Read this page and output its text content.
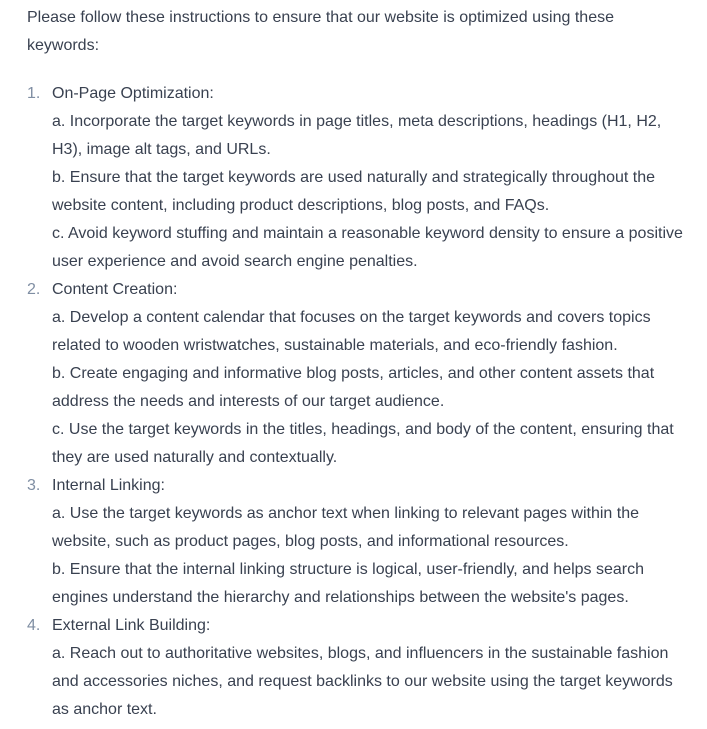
Please follow these instructions to ensure that our website is optimized using these keywords:

1. On-Page Optimization:
a. Incorporate the target keywords in page titles, meta descriptions, headings (H1, H2, H3), image alt tags, and URLs.
b. Ensure that the target keywords are used naturally and strategically throughout the website content, including product descriptions, blog posts, and FAQs.
c. Avoid keyword stuffing and maintain a reasonable keyword density to ensure a positive user experience and avoid search engine penalties.
2. Content Creation:
a. Develop a content calendar that focuses on the target keywords and covers topics related to wooden wristwatches, sustainable materials, and eco-friendly fashion.
b. Create engaging and informative blog posts, articles, and other content assets that address the needs and interests of our target audience.
c. Use the target keywords in the titles, headings, and body of the content, ensuring that they are used naturally and contextually.
3. Internal Linking:
a. Use the target keywords as anchor text when linking to relevant pages within the website, such as product pages, blog posts, and informational resources.
b. Ensure that the internal linking structure is logical, user-friendly, and helps search engines understand the hierarchy and relationships between the website's pages.
4. External Link Building:
a. Reach out to authoritative websites, blogs, and influencers in the sustainable fashion and accessories niches, and request backlinks to our website using the target keywords as anchor text.
